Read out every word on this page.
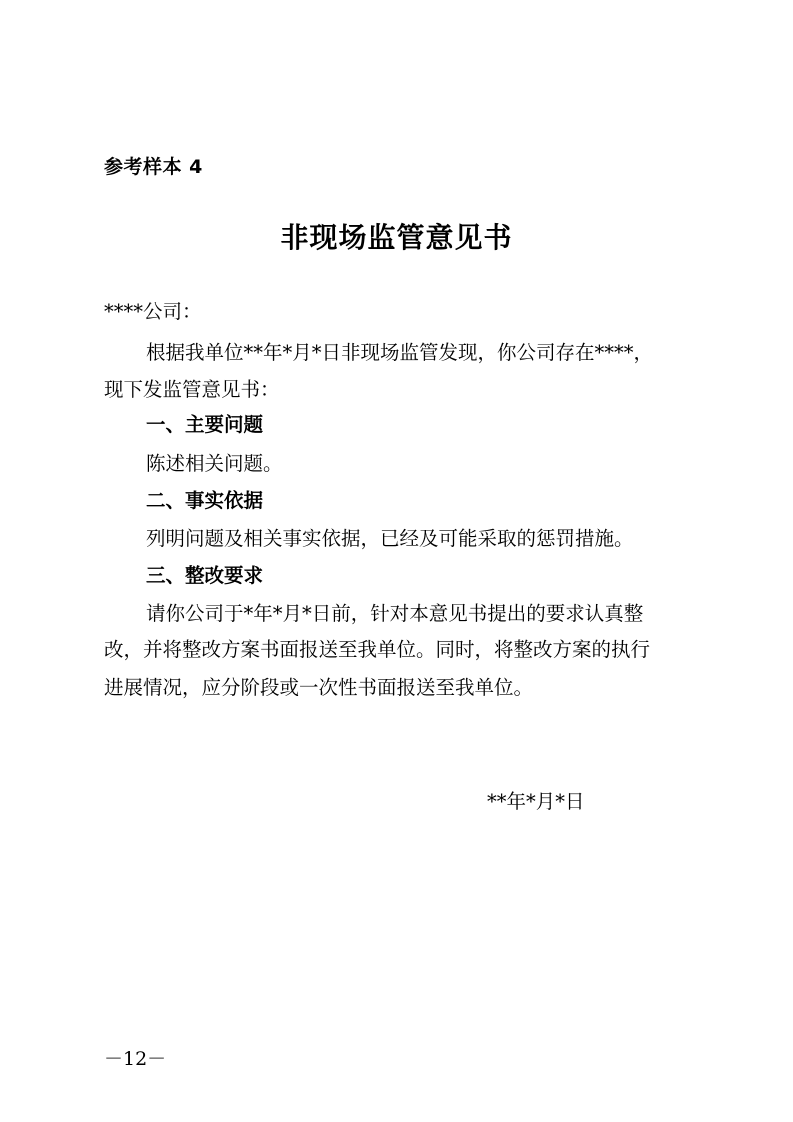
参考样本 4
非现场监管意见书
****公司：
根据我单位**年*月*日非现场监管发现，你公司存在****，
现下发监管意见书：
一、主要问题
陈述相关问题。
二、事实依据
列明问题及相关事实依据，已经及可能采取的惩罚措施。
三、整改要求
请你公司于*年*月*日前，针对本意见书提出的要求认真整
改，并将整改方案书面报送至我单位。同时，将整改方案的执行
进展情况，应分阶段或一次性书面报送至我单位。
**年*月*日
－12－
